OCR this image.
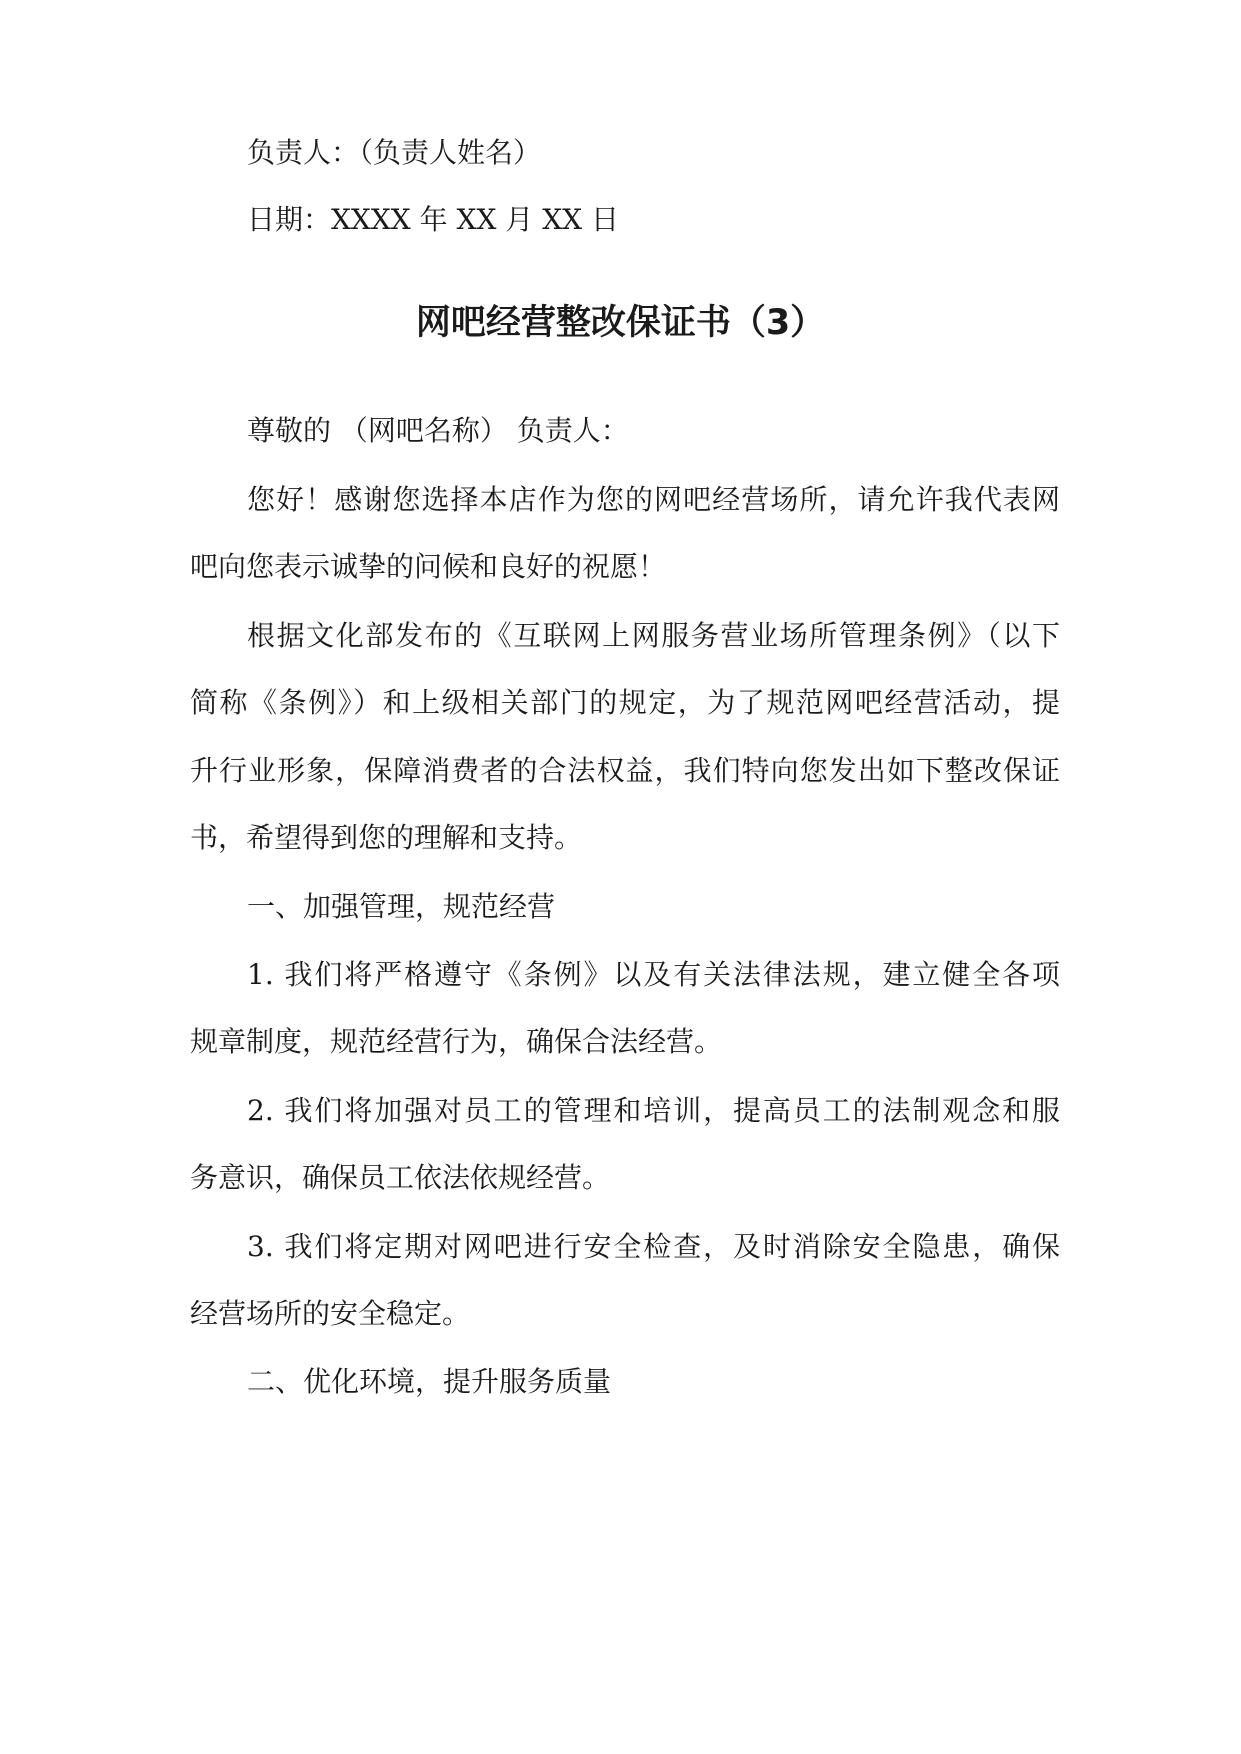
负责人：（负责人姓名）
日期：XXXX 年 XX 月 XX 日
网吧经营整改保证书（3）
尊敬的 （网吧名称） 负责人：
您好！感谢您选择本店作为您的网吧经营场所，请允许我代表网
吧向您表示诚挚的问候和良好的祝愿！
根据文化部发布的《互联网上网服务营业场所管理条例》（以下
简称《条例》）和上级相关部门的规定，为了规范网吧经营活动，提
升行业形象，保障消费者的合法权益，我们特向您发出如下整改保证
书，希望得到您的理解和支持。
一、加强管理，规范经营
1. 我们将严格遵守《条例》以及有关法律法规，建立健全各项
规章制度，规范经营行为，确保合法经营。
2. 我们将加强对员工的管理和培训，提高员工的法制观念和服
务意识，确保员工依法依规经营。
3. 我们将定期对网吧进行安全检查，及时消除安全隐患，确保
经营场所的安全稳定。
二、优化环境，提升服务质量
